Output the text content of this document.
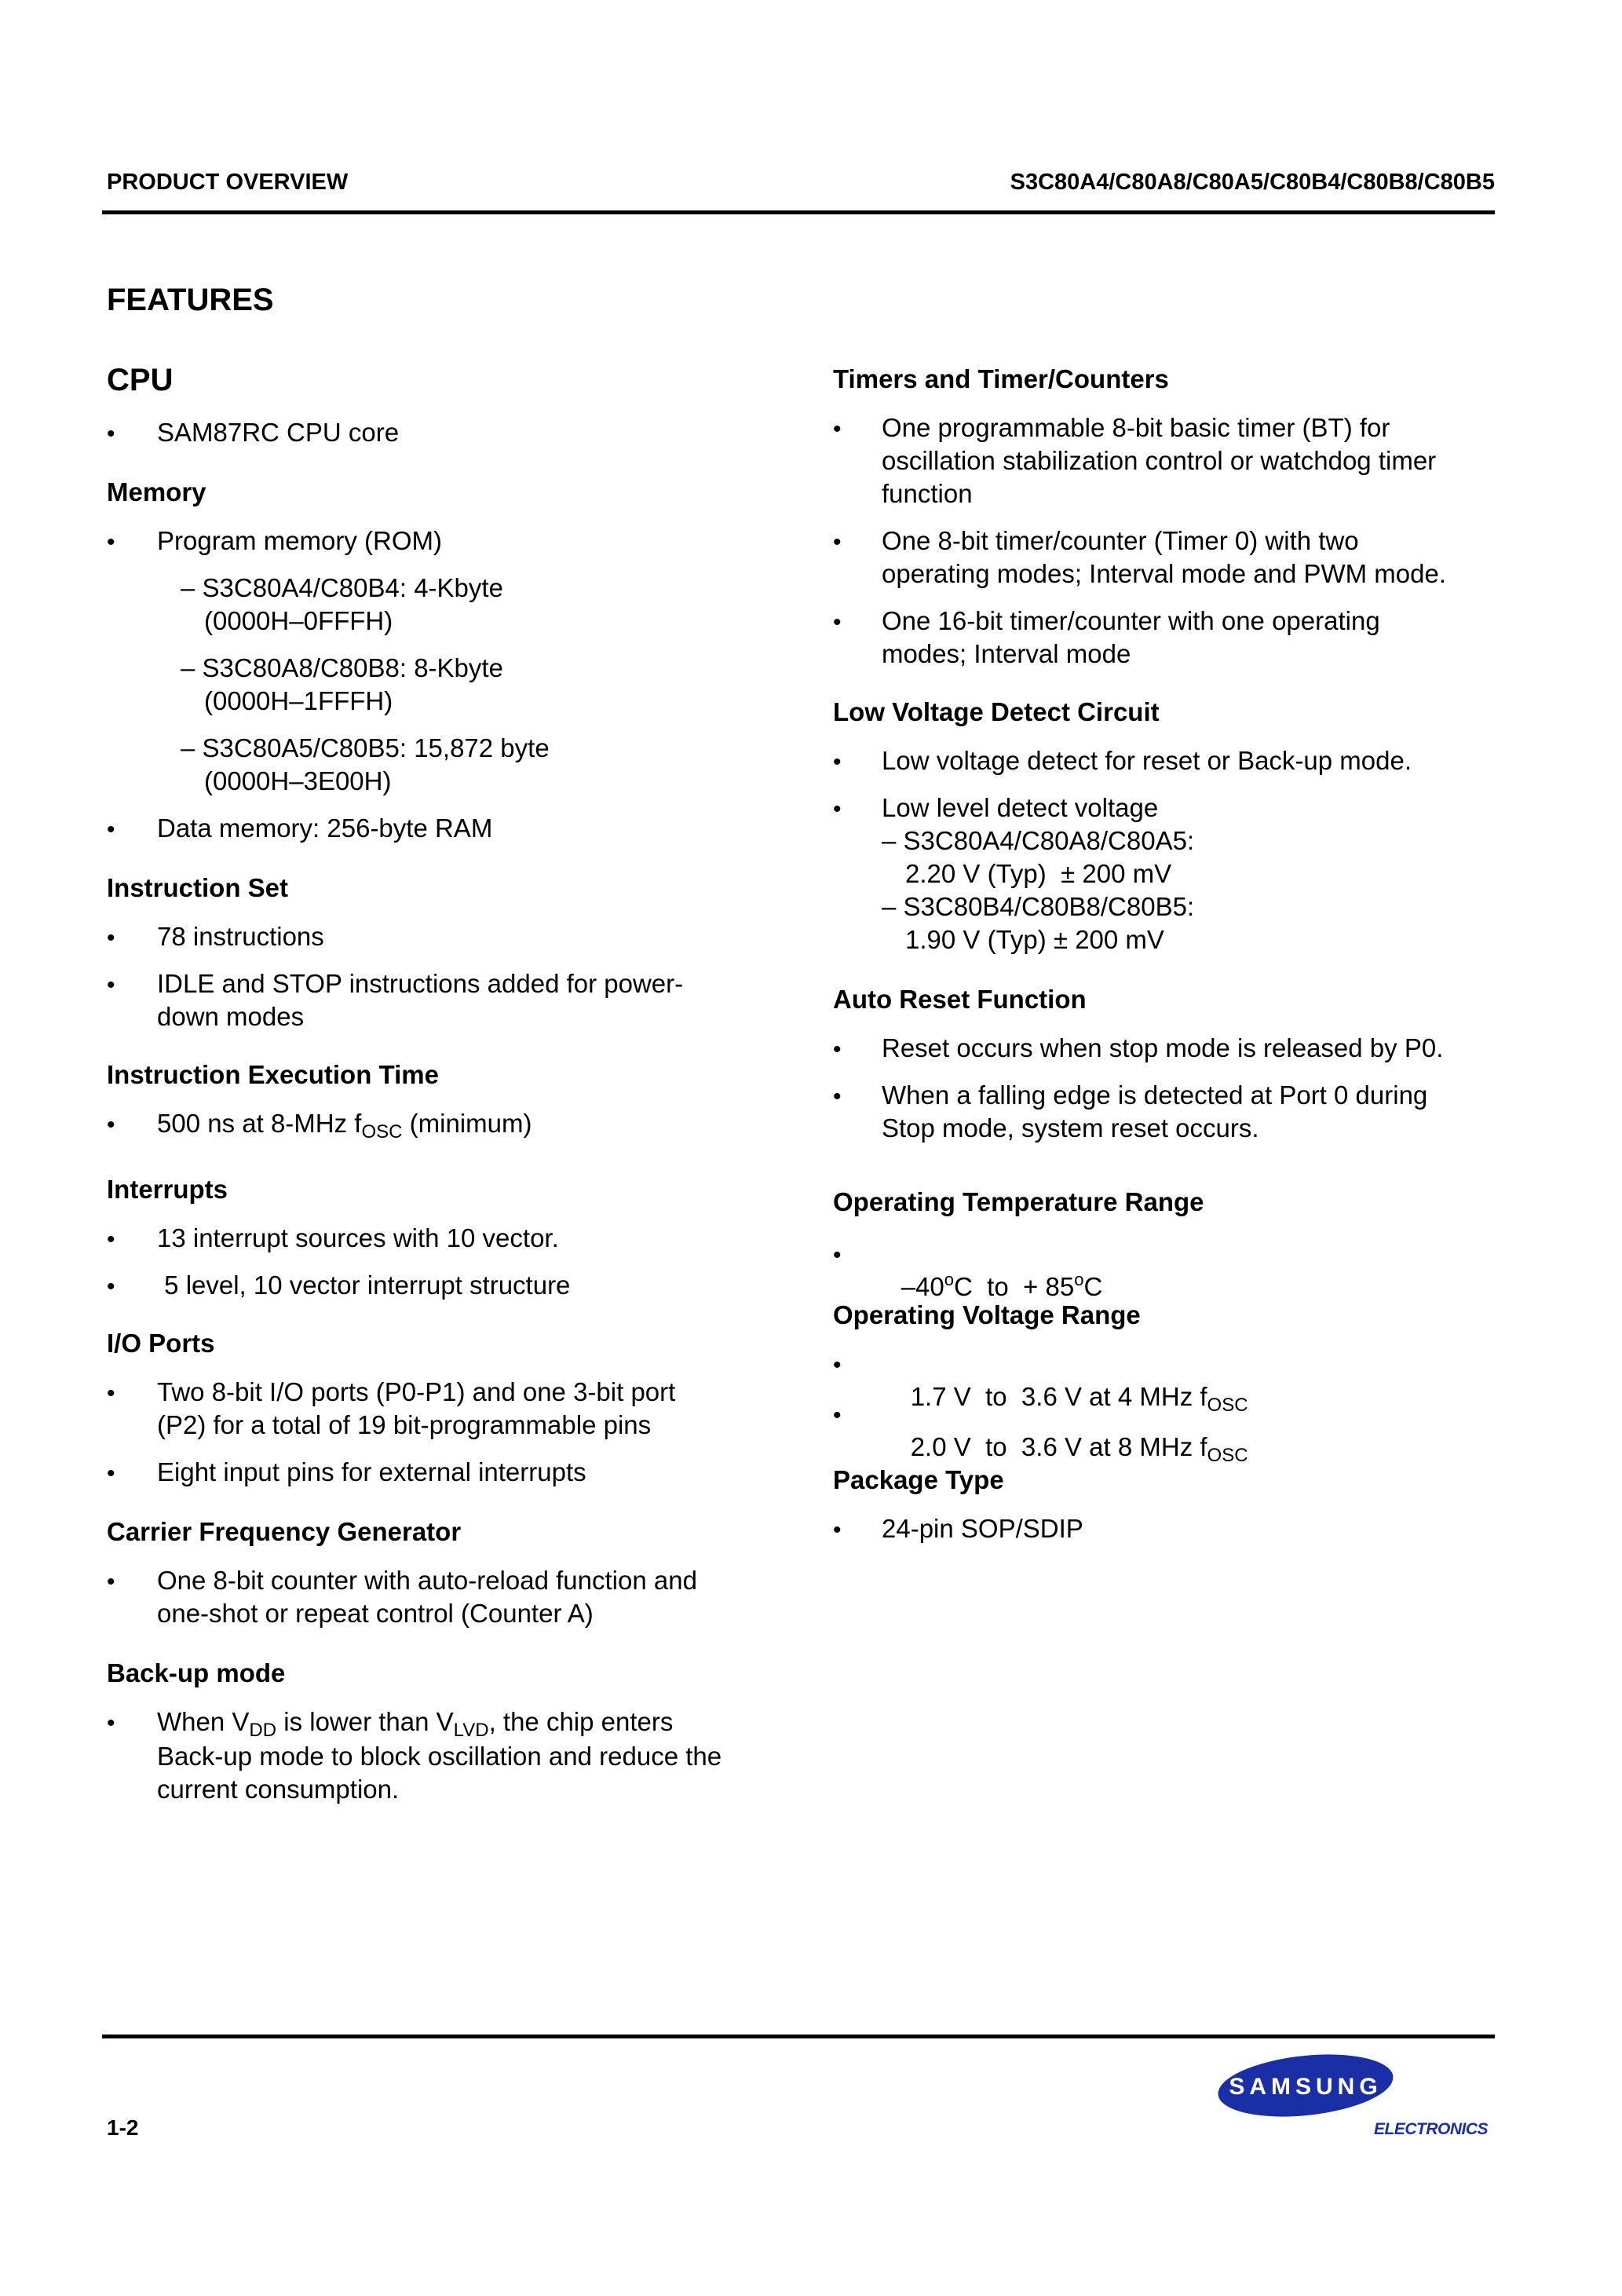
PRODUCT OVERVIEW	S3C80A4/C80A8/C80A5/C80B4/C80B8/C80B5
FEATURES
CPU
• SAM87RC CPU core
Memory
• Program memory (ROM)
– S3C80A4/C80B4: 4-Kbyte
(0000H–0FFFH)
– S3C80A8/C80B8: 8-Kbyte
(0000H–1FFFH)
– S3C80A5/C80B5: 15,872 byte
(0000H–3E00H)
• Data memory: 256-byte RAM
Instruction Set
• 78 instructions
• IDLE and STOP instructions added for power-
down modes
Instruction Execution Time
• 500 ns at 8-MHz $f_{OSC}$ (minimum)
Interrupts
• 13 interrupt sources with 10 vector.
• 5 level, 10 vector interrupt structure
I/O Ports
• Two 8-bit I/O ports (P0-P1) and one 3-bit port
(P2) for a total of 19 bit-programmable pins
• Eight input pins for external interrupts
Carrier Frequency Generator
• One 8-bit counter with auto-reload function and
one-shot or repeat control (Counter A)
Back-up mode
• When $V_{DD}$ is lower than $V_{LVD}$, the chip enters
Back-up mode to block oscillation and reduce the
current consumption.
Timers and Timer/Counters
• One programmable 8-bit basic timer (BT) for
oscillation stabilization control or watchdog timer
function
• One 8-bit timer/counter (Timer 0) with two
operating modes; Interval mode and PWM mode.
• One 16-bit timer/counter with one operating
modes; Interval mode
Low Voltage Detect Circuit
• Low voltage detect for reset or Back-up mode.
• Low level detect voltage
– S3C80A4/C80A8/C80A5:
2.20 V (Typ)  ± 200 mV
– S3C80B4/C80B8/C80B5:
1.90 V (Typ) ± 200 mV
Auto Reset Function
• Reset occurs when stop mode is released by P0.
• When a falling edge is detected at Port 0 during
Stop mode, system reset occurs.
Operating Temperature Range
•

–40$^o$C  to  + $85^oC$

Operating Voltage Range
•

1.7 V  to  3.6 V at 4 MHz $f_{OSC}$

•

2.0 V  to  3.6 V at 8 MHz $f_{OSC}$

Package Type
• 24-pin SOP/SDIP
SAMSUNG
ELECTRONICS
1-2
